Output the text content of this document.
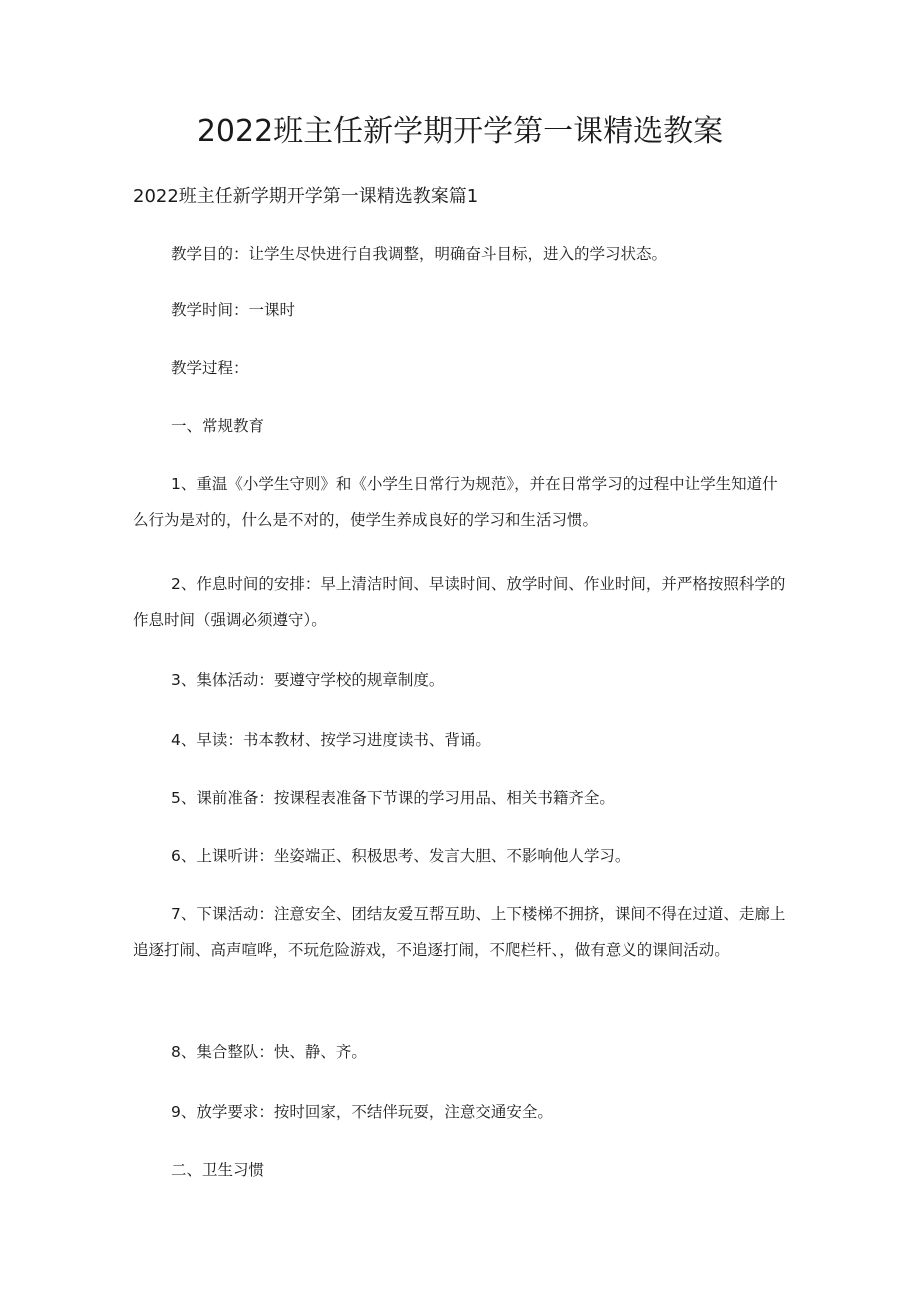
2022班主任新学期开学第一课精选教案
2022班主任新学期开学第一课精选教案篇1

教学目的：让学生尽快进行自我调整，明确奋斗目标，进入的学习状态。

教学时间：一课时

教学过程：

一、常规教育

1、重温《小学生守则》和《小学生日常行为规范》，并在日常学习的过程中让学生知道什么行为是对的，什么是不对的，使学生养成良好的学习和生活习惯。

2、作息时间的安排：早上清洁时间、早读时间、放学时间、作业时间，并严格按照科学的作息时间（强调必须遵守）。

3、集体活动：要遵守学校的规章制度。

4、早读：书本教材、按学习进度读书、背诵。

5、课前准备：按课程表准备下节课的学习用品、相关书籍齐全。

6、上课听讲：坐姿端正、积极思考、发言大胆、不影响他人学习。

7、下课活动：注意安全、团结友爱互帮互助、上下楼梯不拥挤，课间不得在过道、走廊上追逐打闹、高声喧哗，不玩危险游戏，不追逐打闹，不爬栏杆、，做有意义的课间活动。

8、集合整队：快、静、齐。

9、放学要求：按时回家，不结伴玩耍，注意交通安全。

二、卫生习惯
